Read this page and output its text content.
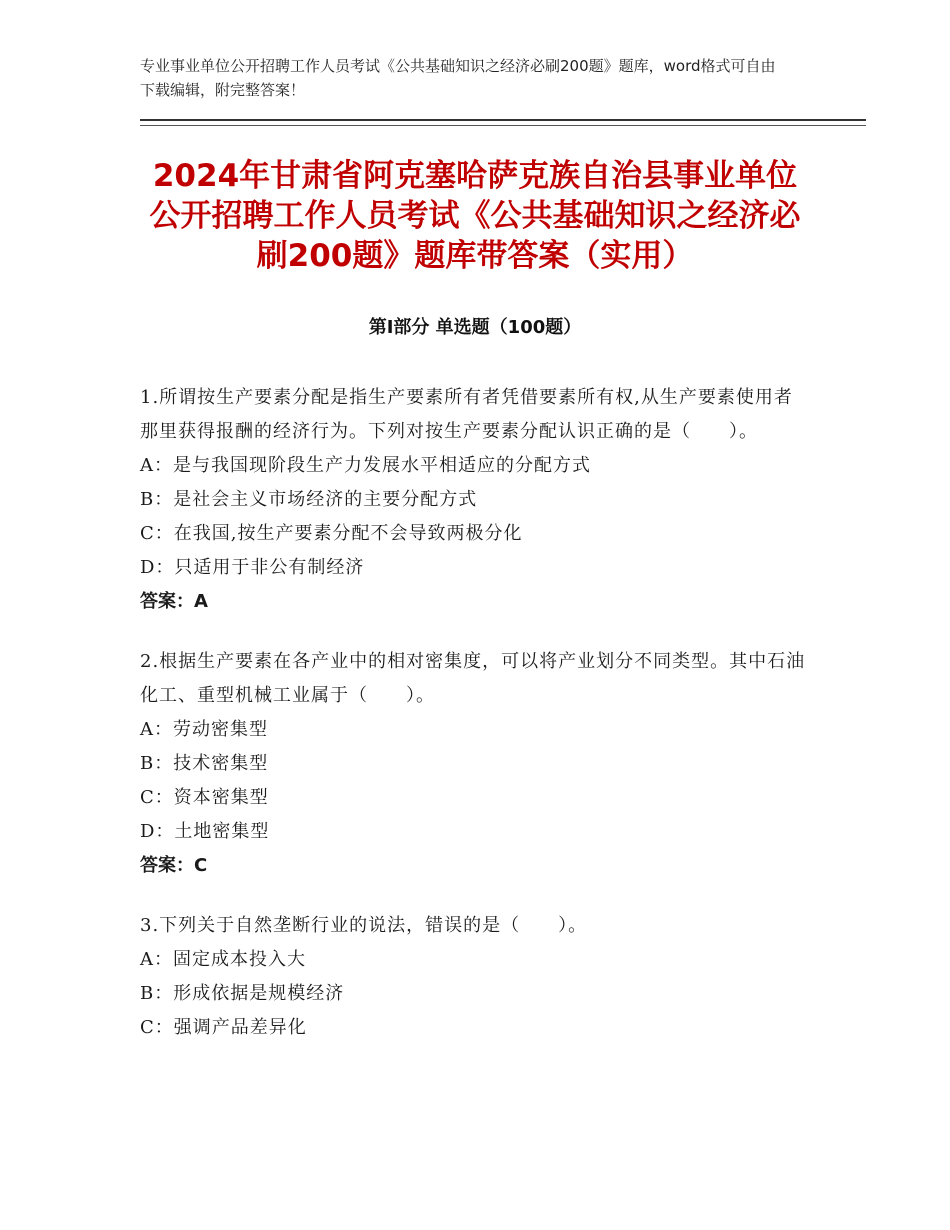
专业事业单位公开招聘工作人员考试《公共基础知识之经济必刷200题》题库，word格式可自由下载编辑，附完整答案！
2024年甘肃省阿克塞哈萨克族自治县事业单位公开招聘工作人员考试《公共基础知识之经济必刷200题》题库带答案（实用）
第Ⅰ部分 单选题（100题）

1.所谓按生产要素分配是指生产要素所有者凭借要素所有权,从生产要素使用者那里获得报酬的经济行为。下列对按生产要素分配认识正确的是（　　）。

A：是与我国现阶段生产力发展水平相适应的分配方式

B：是社会主义市场经济的主要分配方式

C：在我国,按生产要素分配不会导致两极分化

D：只适用于非公有制经济

答案：A

2.根据生产要素在各产业中的相对密集度，可以将产业划分不同类型。其中石油化工、重型机械工业属于（　　）。

A：劳动密集型

B：技术密集型

C：资本密集型

D：土地密集型

答案：C

3.下列关于自然垄断行业的说法，错误的是（　　）。

A：固定成本投入大

B：形成依据是规模经济

C：强调产品差异化
